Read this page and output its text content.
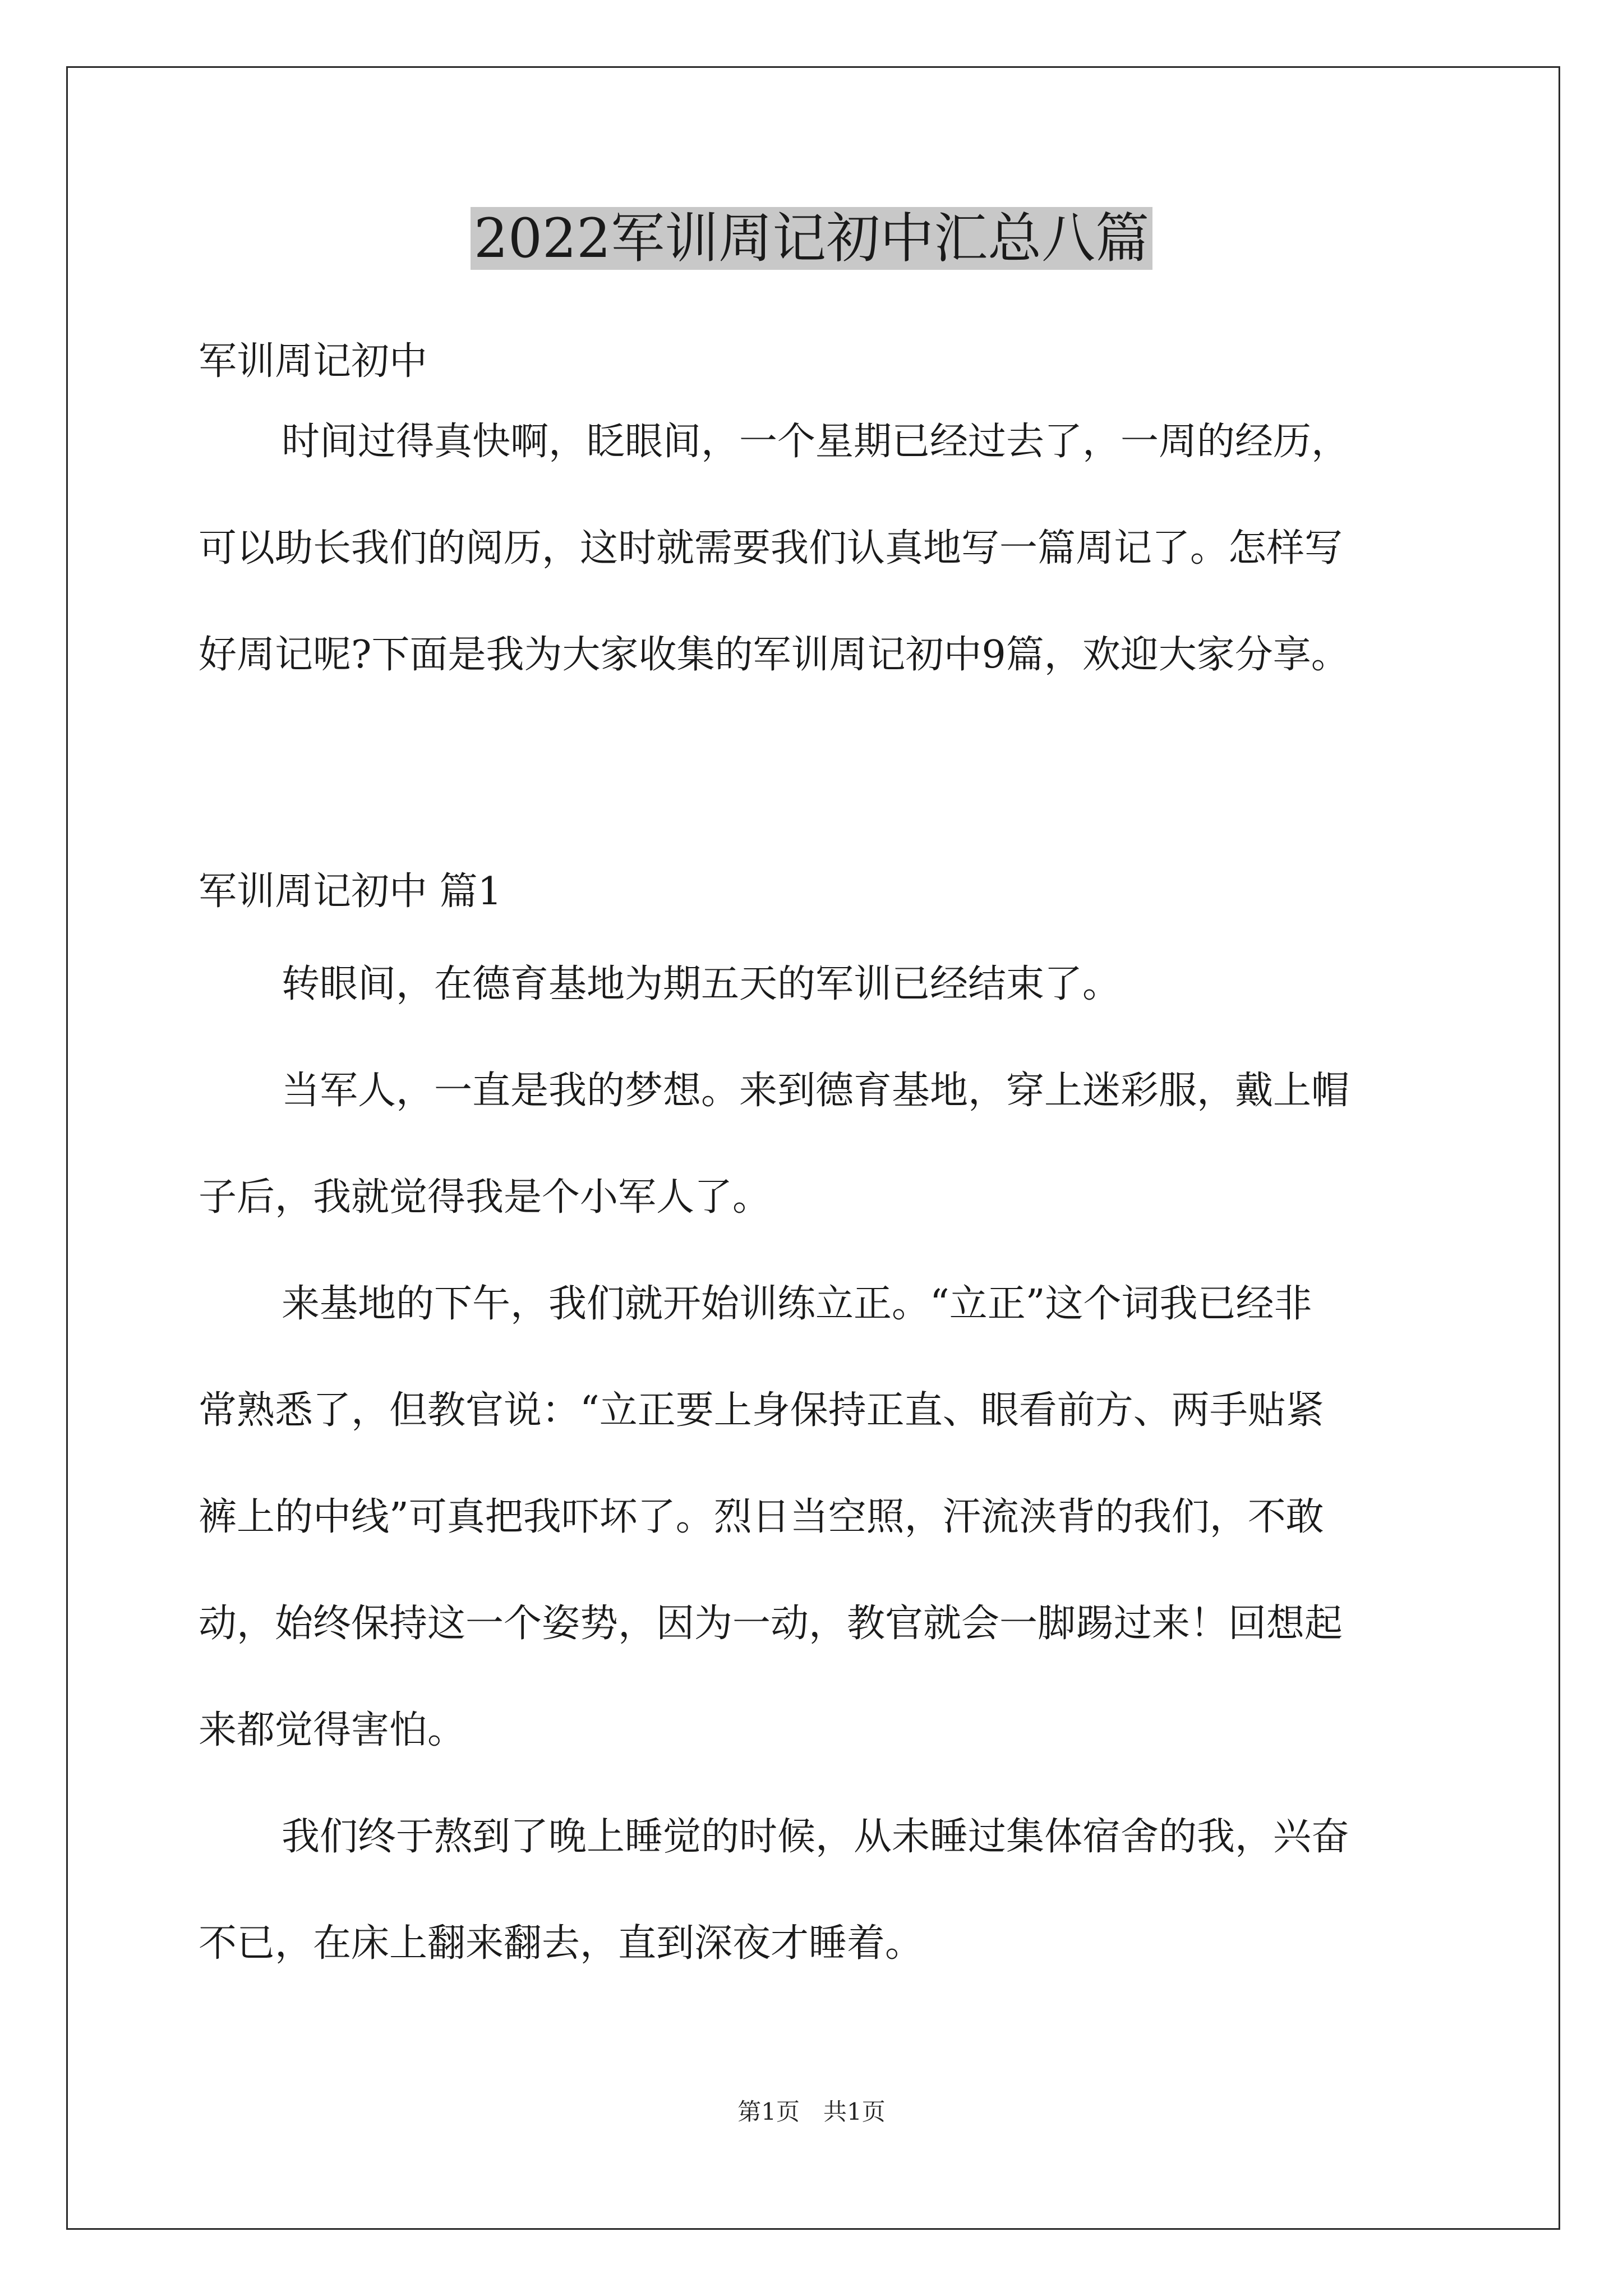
2022军训周记初中汇总八篇

军训周记初中

时间过得真快啊，眨眼间，一个星期已经过去了，一周的经历，

可以助长我们的阅历，这时就需要我们认真地写一篇周记了。怎样写

好周记呢?下面是我为大家收集的军训周记初中9篇，欢迎大家分享。

军训周记初中 篇1

转眼间，在德育基地为期五天的军训已经结束了。

当军人，一直是我的梦想。来到德育基地，穿上迷彩服，戴上帽

子后，我就觉得我是个小军人了。

来基地的下午，我们就开始训练立正。“立正”这个词我已经非

常熟悉了，但教官说：“立正要上身保持正直、眼看前方、两手贴紧

裤上的中线”可真把我吓坏了。烈日当空照，汗流浃背的我们，不敢

动，始终保持这一个姿势，因为一动，教官就会一脚踢过来！回想起

来都觉得害怕。

我们终于熬到了晚上睡觉的时候，从未睡过集体宿舍的我，兴奋

不已，在床上翻来翻去，直到深夜才睡着。

第1页　共1页
